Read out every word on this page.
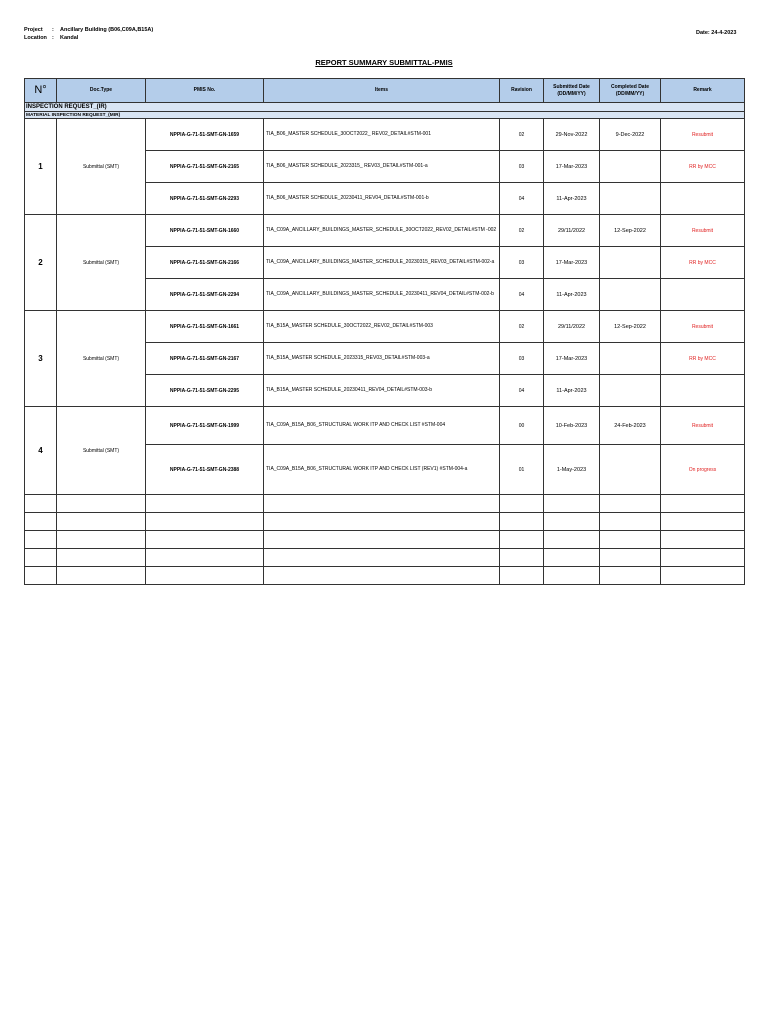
Project : Ancillary Building (B06,C09A,B15A)
Location : Kandal
Date: 24-4-2023
REPORT SUMMARY SUBMITTAL-PMIS
N°	Doc.Type	PMIS No.	Items	Ravision	Submitted Date (DD/MM/YY)	Completed Date (DD/MM/YY)	Remark
INSPECTION REQUEST_(IR)							
MATERIAL INSPECTION REQUEST_(MIR)							
1	Submittal (SMT)	NPPIA-G-71-51-SMT-GN-1659	TIA_B06_MASTER SCHEDULE_30OCT2022_ REV02_DETAIL#STM-001	02	29-Nov-2022	9-Dec-2022	Resubmit
		NPPIA-G-71-51-SMT-GN-2165	TIA_B06_MASTER SCHEDULE_2023315_ REV03_DETAIL#STM-001-a	03	17-Mar-2023		RR by MCC
		NPPIA-G-71-51-SMT-GN-2293	TIA_B06_MASTER SCHEDULE_20230411_REV04_DETAIL#STM-001-b	04	11-Apr-2023		
2	Submittal (SMT)	NPPIA-G-71-51-SMT-GN-1660	TIA_C09A_ANCILLARY_BUILDINGS_MASTER_SCHEDULE_30OCT2022_REV02_DETAIL#STM -002	02	29/11/2022	12-Sep-2022	Resubmit
		NPPIA-G-71-51-SMT-GN-2166	TIA_C09A_ANCILLARY_BUILDINGS_MASTER_SCHEDULE_20230315_REV03_DETAIL#STM-002-a	03	17-Mar-2023		RR by MCC
		NPPIA-G-71-51-SMT-GN-2294	TIA_C09A_ANCILLARY_BUILDINGS_MASTER_SCHEDULE_20230411_REV04_DETAIL#STM-002-b	04	11-Apr-2023		
3	Submittal (SMT)	NPPIA-G-71-51-SMT-GN-1661	TIA_B15A_MASTER SCHEDULE_30OCT2022_REV02_DETAIL#STM-003	02	29/11/2022	12-Sep-2022	Resubmit
		NPPIA-G-71-51-SMT-GN-2167	TIA_B15A_MASTER SCHEDULE_2023315_REV03_DETAIL#STM-003-a	03	17-Mar-2023		RR by MCC
		NPPIA-G-71-51-SMT-GN-2295	TIA_B15A_MASTER SCHEDULE_20230411_REV04_DETAIL#STM-003-b	04	11-Apr-2023		
4	Submittal (SMT)	NPPIA-G-71-51-SMT-GN-1999	TIA_C09A_B15A_B06_STRUCTURAL WORK ITP AND CHECK LIST #STM-004	00	10-Feb-2023	24-Feb-2023	Resubmit
		NPPIA-G-71-51-SMT-GN-2388	TIA_C09A_B15A_B06_STRUCTURAL WORK ITP AND CHECK LIST (REV1) #STM-004-a	01	1-May-2023		On progress
